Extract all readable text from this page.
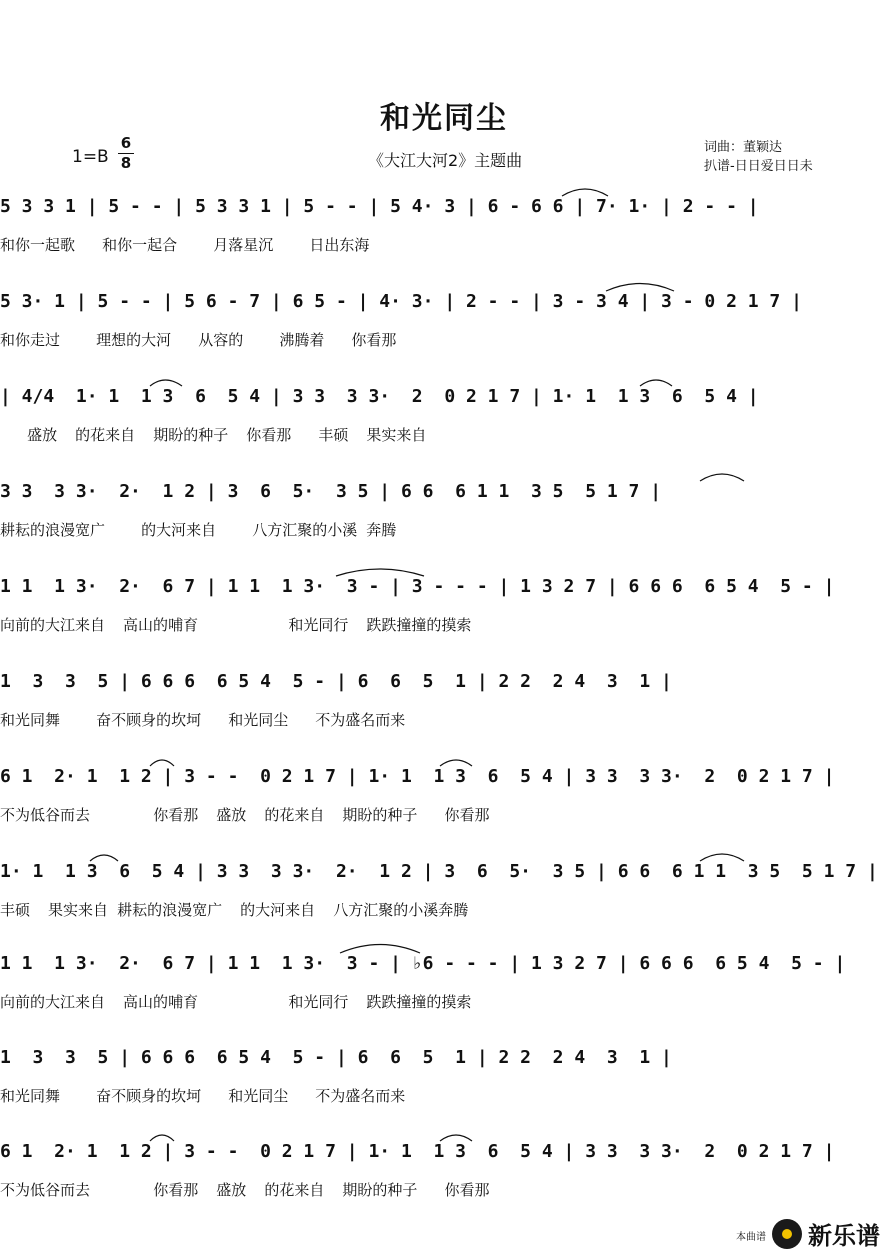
和光同尘
$1=B \frac{6}{8}$	《大江大河2》主题曲
词曲：董颖达
扒谱-日日爱日日未
5 3 3 1 | 5 - - | 5 3 3 1 | 5 - - | 5 4· 3 | 6 - 6 6 | 7· 1· | 2 - - |
和你一起歌   和你一起合    月落星沉    日出东海
5 3· 1 | 5 - - | 5 6 - 7 | 6 5 - | 4· 3· | 2 - - | 3 - 3 4 | 3 - 0 2 1 7 |
和你走过    理想的大河   从容的    沸腾着   你看那
| 4/4  1· 1  1 3  6  5 4 | 3 3  3 3·  2  0 2 1 7 | 1· 1  1 3  6  5 4 |
盛放  的花来自  期盼的种子  你看那   丰硕  果实来自
3 3  3 3·  2·  1 2 | 3  6  5·  3 5 | 6 6  6 1 1  3 5  5 1 7 |
耕耘的浪漫宽广    的大河来自    八方汇聚的小溪 奔腾
1 1  1 3·  2·  6 7 | 1 1  1 3·  3 - | 3 - - - | 1 3 2 7 | 6 6 6  6 5 4  5 - |
向前的大江来自  高山的哺育          和光同行  跌跌撞撞的摸索
1  3  3  5 | 6 6 6  6 5 4  5 - | 6  6  5  1 | 2 2  2 4  3  1 |
和光同舞    奋不顾身的坎坷   和光同尘   不为盛名而来
6 1  2· 1  1 2 | 3 - -  0 2 1 7 | 1· 1  1 3  6  5 4 | 3 3  3 3·  2  0 2 1 7 |
不为低谷而去       你看那  盛放  的花来自  期盼的种子   你看那
1· 1  1 3  6  5 4 | 3 3  3 3·  2·  1 2 | 3  6  5·  3 5 | 6 6  6 1 1  3 5  5 1 7 |
丰硕  果实来自 耕耘的浪漫宽广  的大河来自  八方汇聚的小溪奔腾
1 1  1 3·  2·  6 7 | 1 1  1 3·  3 - | ♭6 - - - | 1 3 2 7 | 6 6 6  6 5 4  5 - |
向前的大江来自  高山的哺育          和光同行  跌跌撞撞的摸索
1  3  3  5 | 6 6 6  6 5 4  5 - | 6  6  5  1 | 2 2  2 4  3  1 |
和光同舞    奋不顾身的坎坷   和光同尘   不为盛名而来
6 1  2· 1  1 2 | 3 - -  0 2 1 7 | 1· 1  1 3  6  5 4 | 3 3  3 3·  2  0 2 1 7 |
不为低谷而去       你看那  盛放  的花来自  期盼的种子   你看那
本曲谱 新乐谱
